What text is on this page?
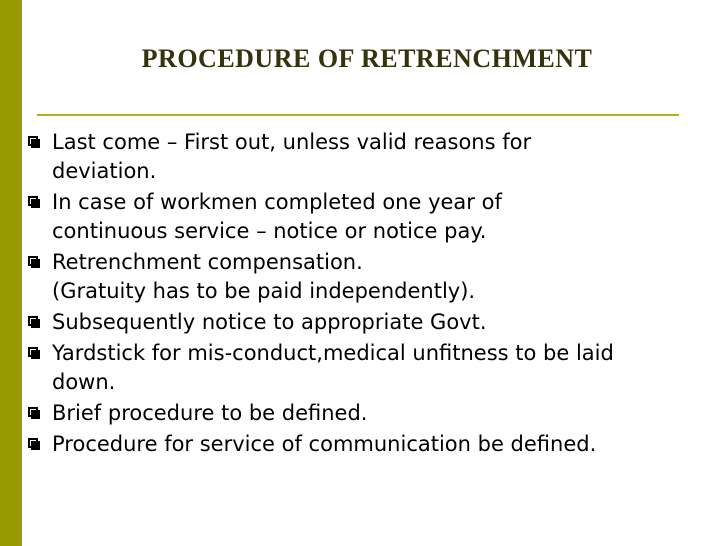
PROCEDURE OF RETRENCHMENT
Last come – First out, unless valid reasons for
deviation.
In case of workmen completed one year of
continuous service – notice or notice pay.
Retrenchment compensation.
(Gratuity has to be paid independently).
Subsequently notice to appropriate Govt.
Yardstick for mis-conduct,medical unfitness to be laid
down.
Brief procedure to be defined.
Procedure for service of communication be defined.
